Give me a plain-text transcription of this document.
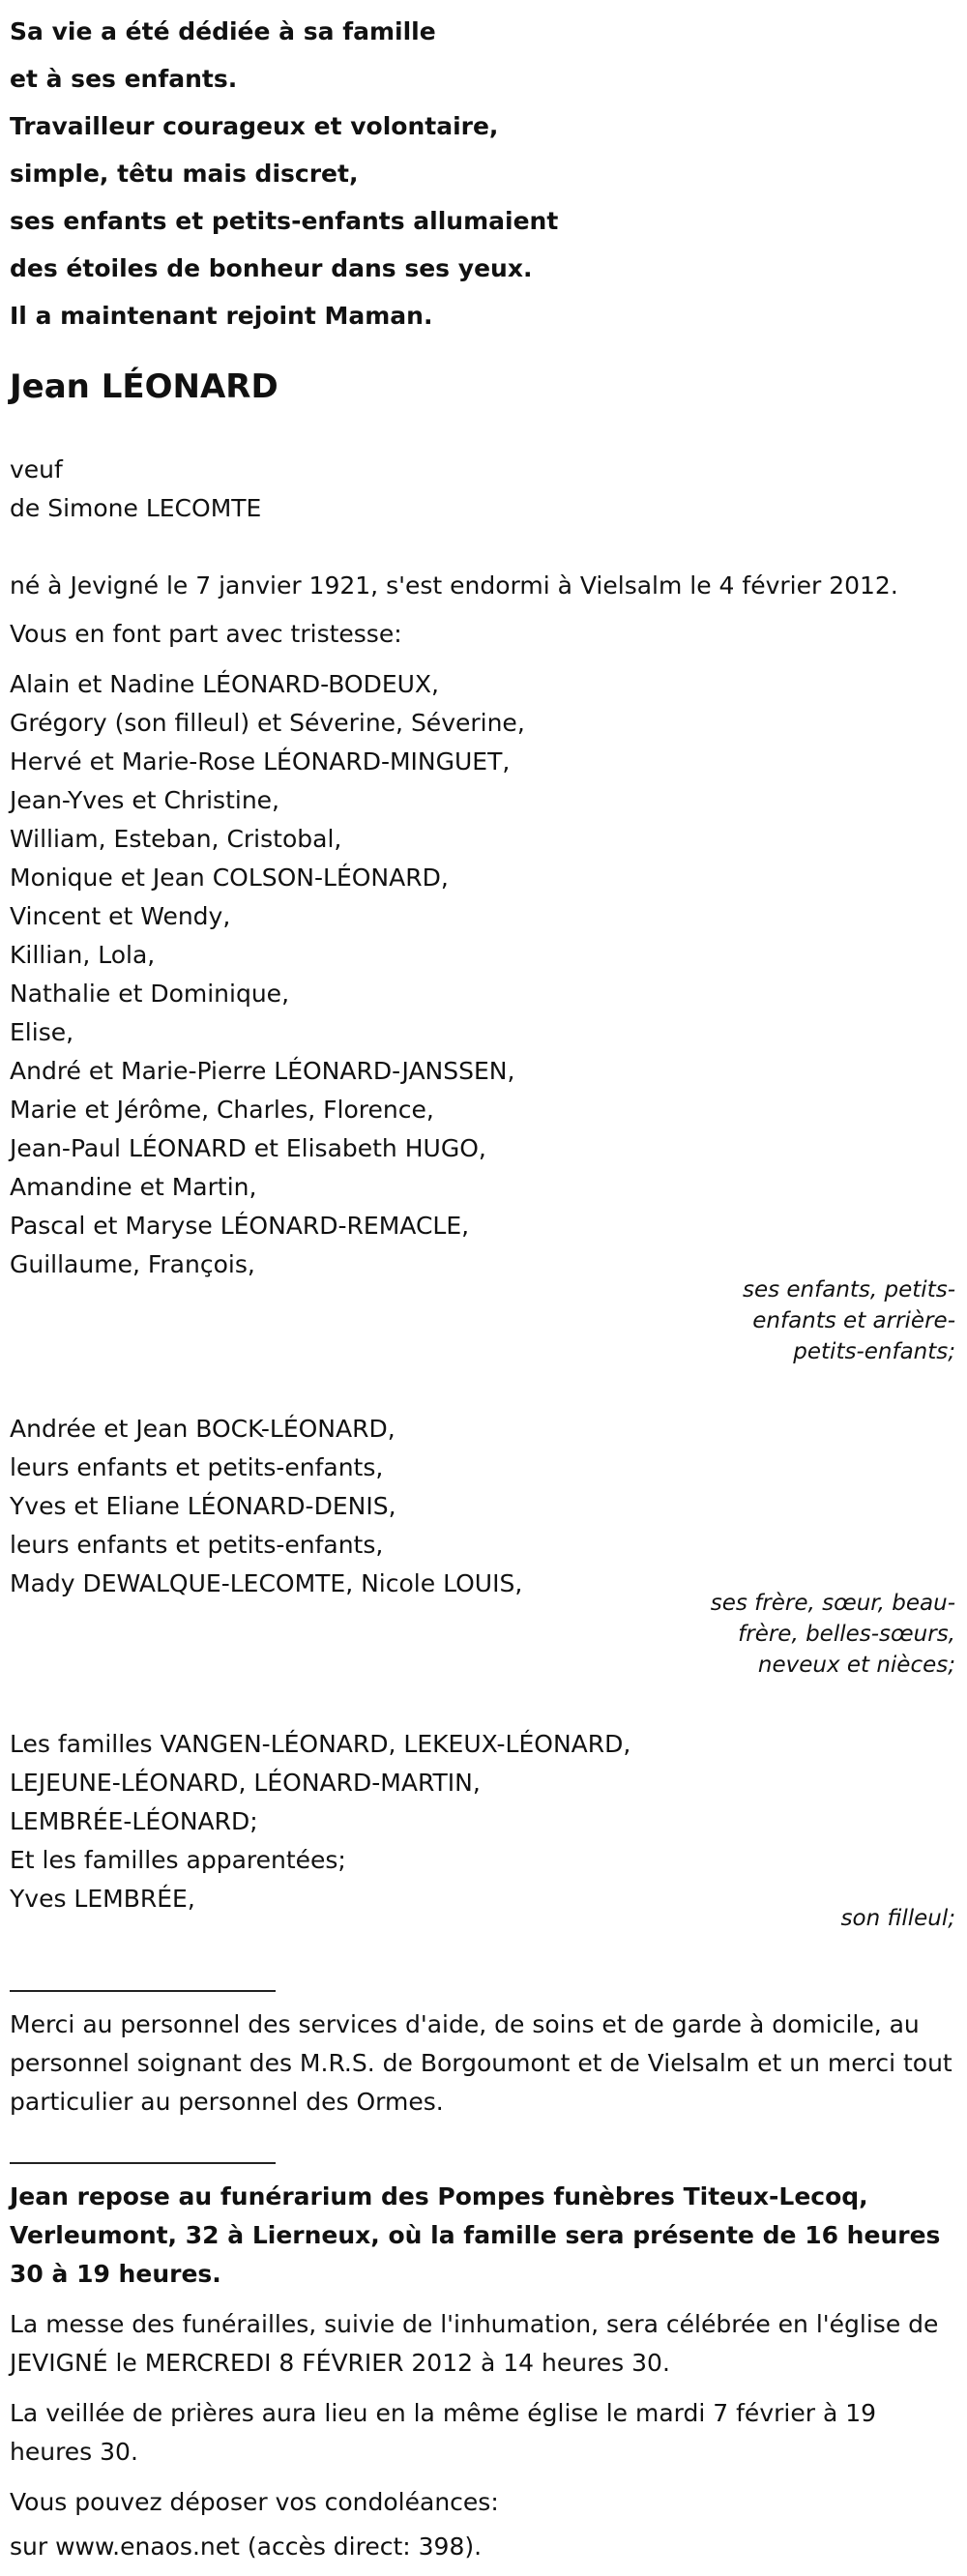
Sa vie a été dédiée à sa famille
et à ses enfants.
Travailleur courageux et volontaire,
simple, têtu mais discret,
ses enfants et petits-enfants allumaient
des étoiles de bonheur dans ses yeux.
Il a maintenant rejoint Maman.
Jean LÉONARD
veuf
de Simone LECOMTE
né à Jevigné le 7 janvier 1921, s'est endormi à Vielsalm le 4 février 2012.
Vous en font part avec tristesse:
Alain et Nadine LÉONARD-BODEUX,
Grégory (son filleul) et Séverine, Séverine,
Hervé et Marie-Rose LÉONARD-MINGUET,
Jean-Yves et Christine,
William, Esteban, Cristobal,
Monique et Jean COLSON-LÉONARD,
Vincent et Wendy,
Killian, Lola,
Nathalie et Dominique,
Elise,
André et Marie-Pierre LÉONARD-JANSSEN,
Marie et Jérôme, Charles, Florence,
Jean-Paul LÉONARD et Elisabeth HUGO,
Amandine et Martin,
Pascal et Maryse LÉONARD-REMACLE,
Guillaume, François,
ses enfants, petits-enfants et arrière-petits-enfants;
Andrée et Jean BOCK-LÉONARD,
leurs enfants et petits-enfants,
Yves et Eliane LÉONARD-DENIS,
leurs enfants et petits-enfants,
Mady DEWALQUE-LECOMTE, Nicole LOUIS,
ses frère, sœur, beau-frère, belles-sœurs, neveux et nièces;
Les familles VANGEN-LÉONARD, LEKEUX-LÉONARD,
LEJEUNE-LÉONARD, LÉONARD-MARTIN,
LEMBRÉE-LÉONARD;
Et les familles apparentées;
Yves LEMBRÉE,
son filleul;
Merci au personnel des services d'aide, de soins et de garde à domicile, au personnel soignant des M.R.S. de Borgoumont et de Vielsalm et un merci tout particulier au personnel des Ormes.
Jean repose au funérarium des Pompes funèbres Titeux-Lecoq, Verleumont, 32 à Lierneux, où la famille sera présente de 16 heures 30 à 19 heures.
La messe des funérailles, suivie de l'inhumation, sera célébrée en l'église de JEVIGNÉ le MERCREDI 8 FÉVRIER 2012 à 14 heures 30.
La veillée de prières aura lieu en la même église le mardi 7 février à 19 heures 30.
Vous pouvez déposer vos condoléances:
sur www.enaos.net (accès direct: 398).
